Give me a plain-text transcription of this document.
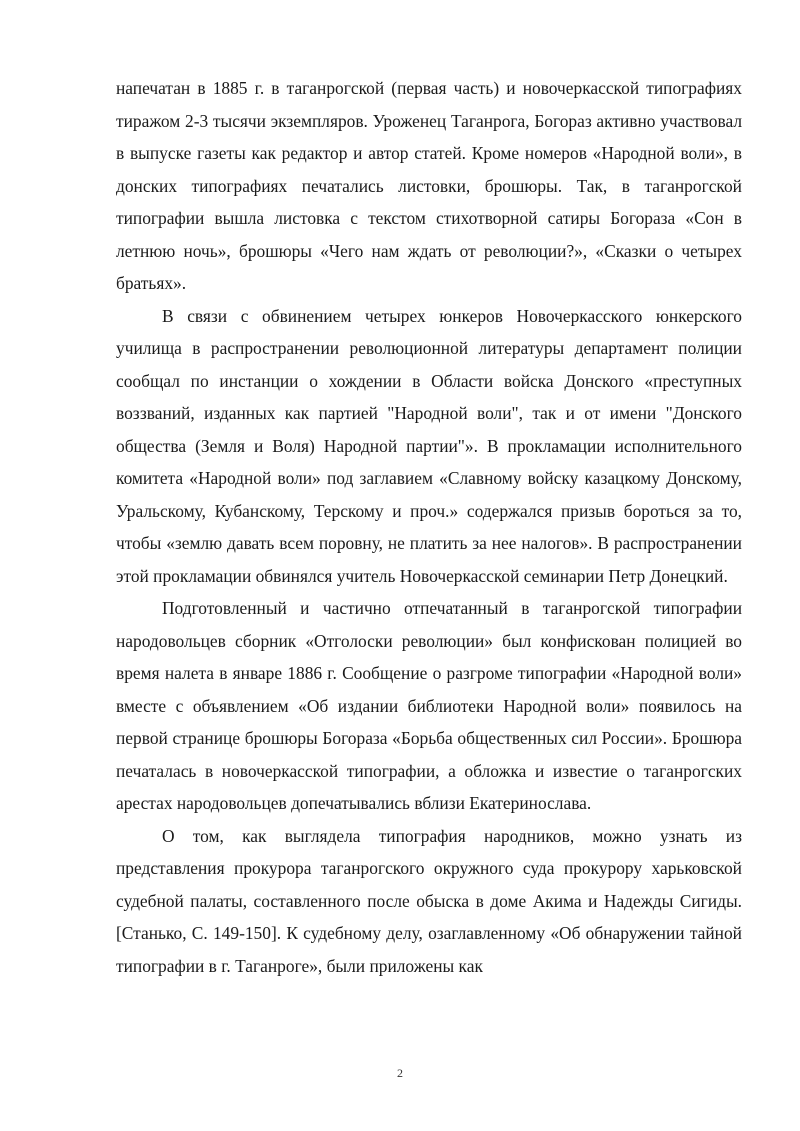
напечатан в 1885 г. в таганрогской (первая часть) и новочеркасской типографиях тиражом 2-3 тысячи экземпляров. Уроженец Таганрога, Богораз активно участвовал в выпуске газеты как редактор и автор статей. Кроме номеров «Народной воли», в донских типографиях печатались листовки, брошюры. Так, в таганрогской типографии вышла листовка с текстом стихотворной сатиры Богораза «Сон в летнюю ночь», брошюры «Чего нам ждать от революции?», «Сказки о четырех братьях».

В связи с обвинением четырех юнкеров Новочеркасского юнкерского училища в распространении революционной литературы департамент полиции сообщал по инстанции о хождении в Области войска Донского «преступных воззваний, изданных как партией "Народной воли", так и от имени "Донского общества (Земля и Воля) Народной партии"». В прокламации исполнительного комитета «Народной воли» под заглавием «Славному войску казацкому Донскому, Уральскому, Кубанскому, Терскому и проч.» содержался призыв бороться за то, чтобы «землю давать всем поровну, не платить за нее налогов». В распространении этой прокламации обвинялся учитель Новочеркасской семинарии Петр Донецкий.

Подготовленный и частично отпечатанный в таганрогской типографии народовольцев сборник «Отголоски революции» был конфискован полицией во время налета в январе 1886 г. Сообщение о разгроме типографии «Народной воли» вместе с объявлением «Об издании библиотеки Народной воли» появилось на первой странице брошюры Богораза «Борьба общественных сил России». Брошюра печаталась в новочеркасской типографии, а обложка и известие о таганрогских арестах народовольцев допечатывались вблизи Екатеринослава.

О том, как выглядела типография народников, можно узнать из представления прокурора таганрогского окружного суда прокурору харьковской судебной палаты, составленного после обыска в доме Акима и Надежды Сигиды. [Станько, С. 149-150]. К судебному делу, озаглавленному «Об обнаружении тайной типографии в г. Таганроге», были приложены как

2
